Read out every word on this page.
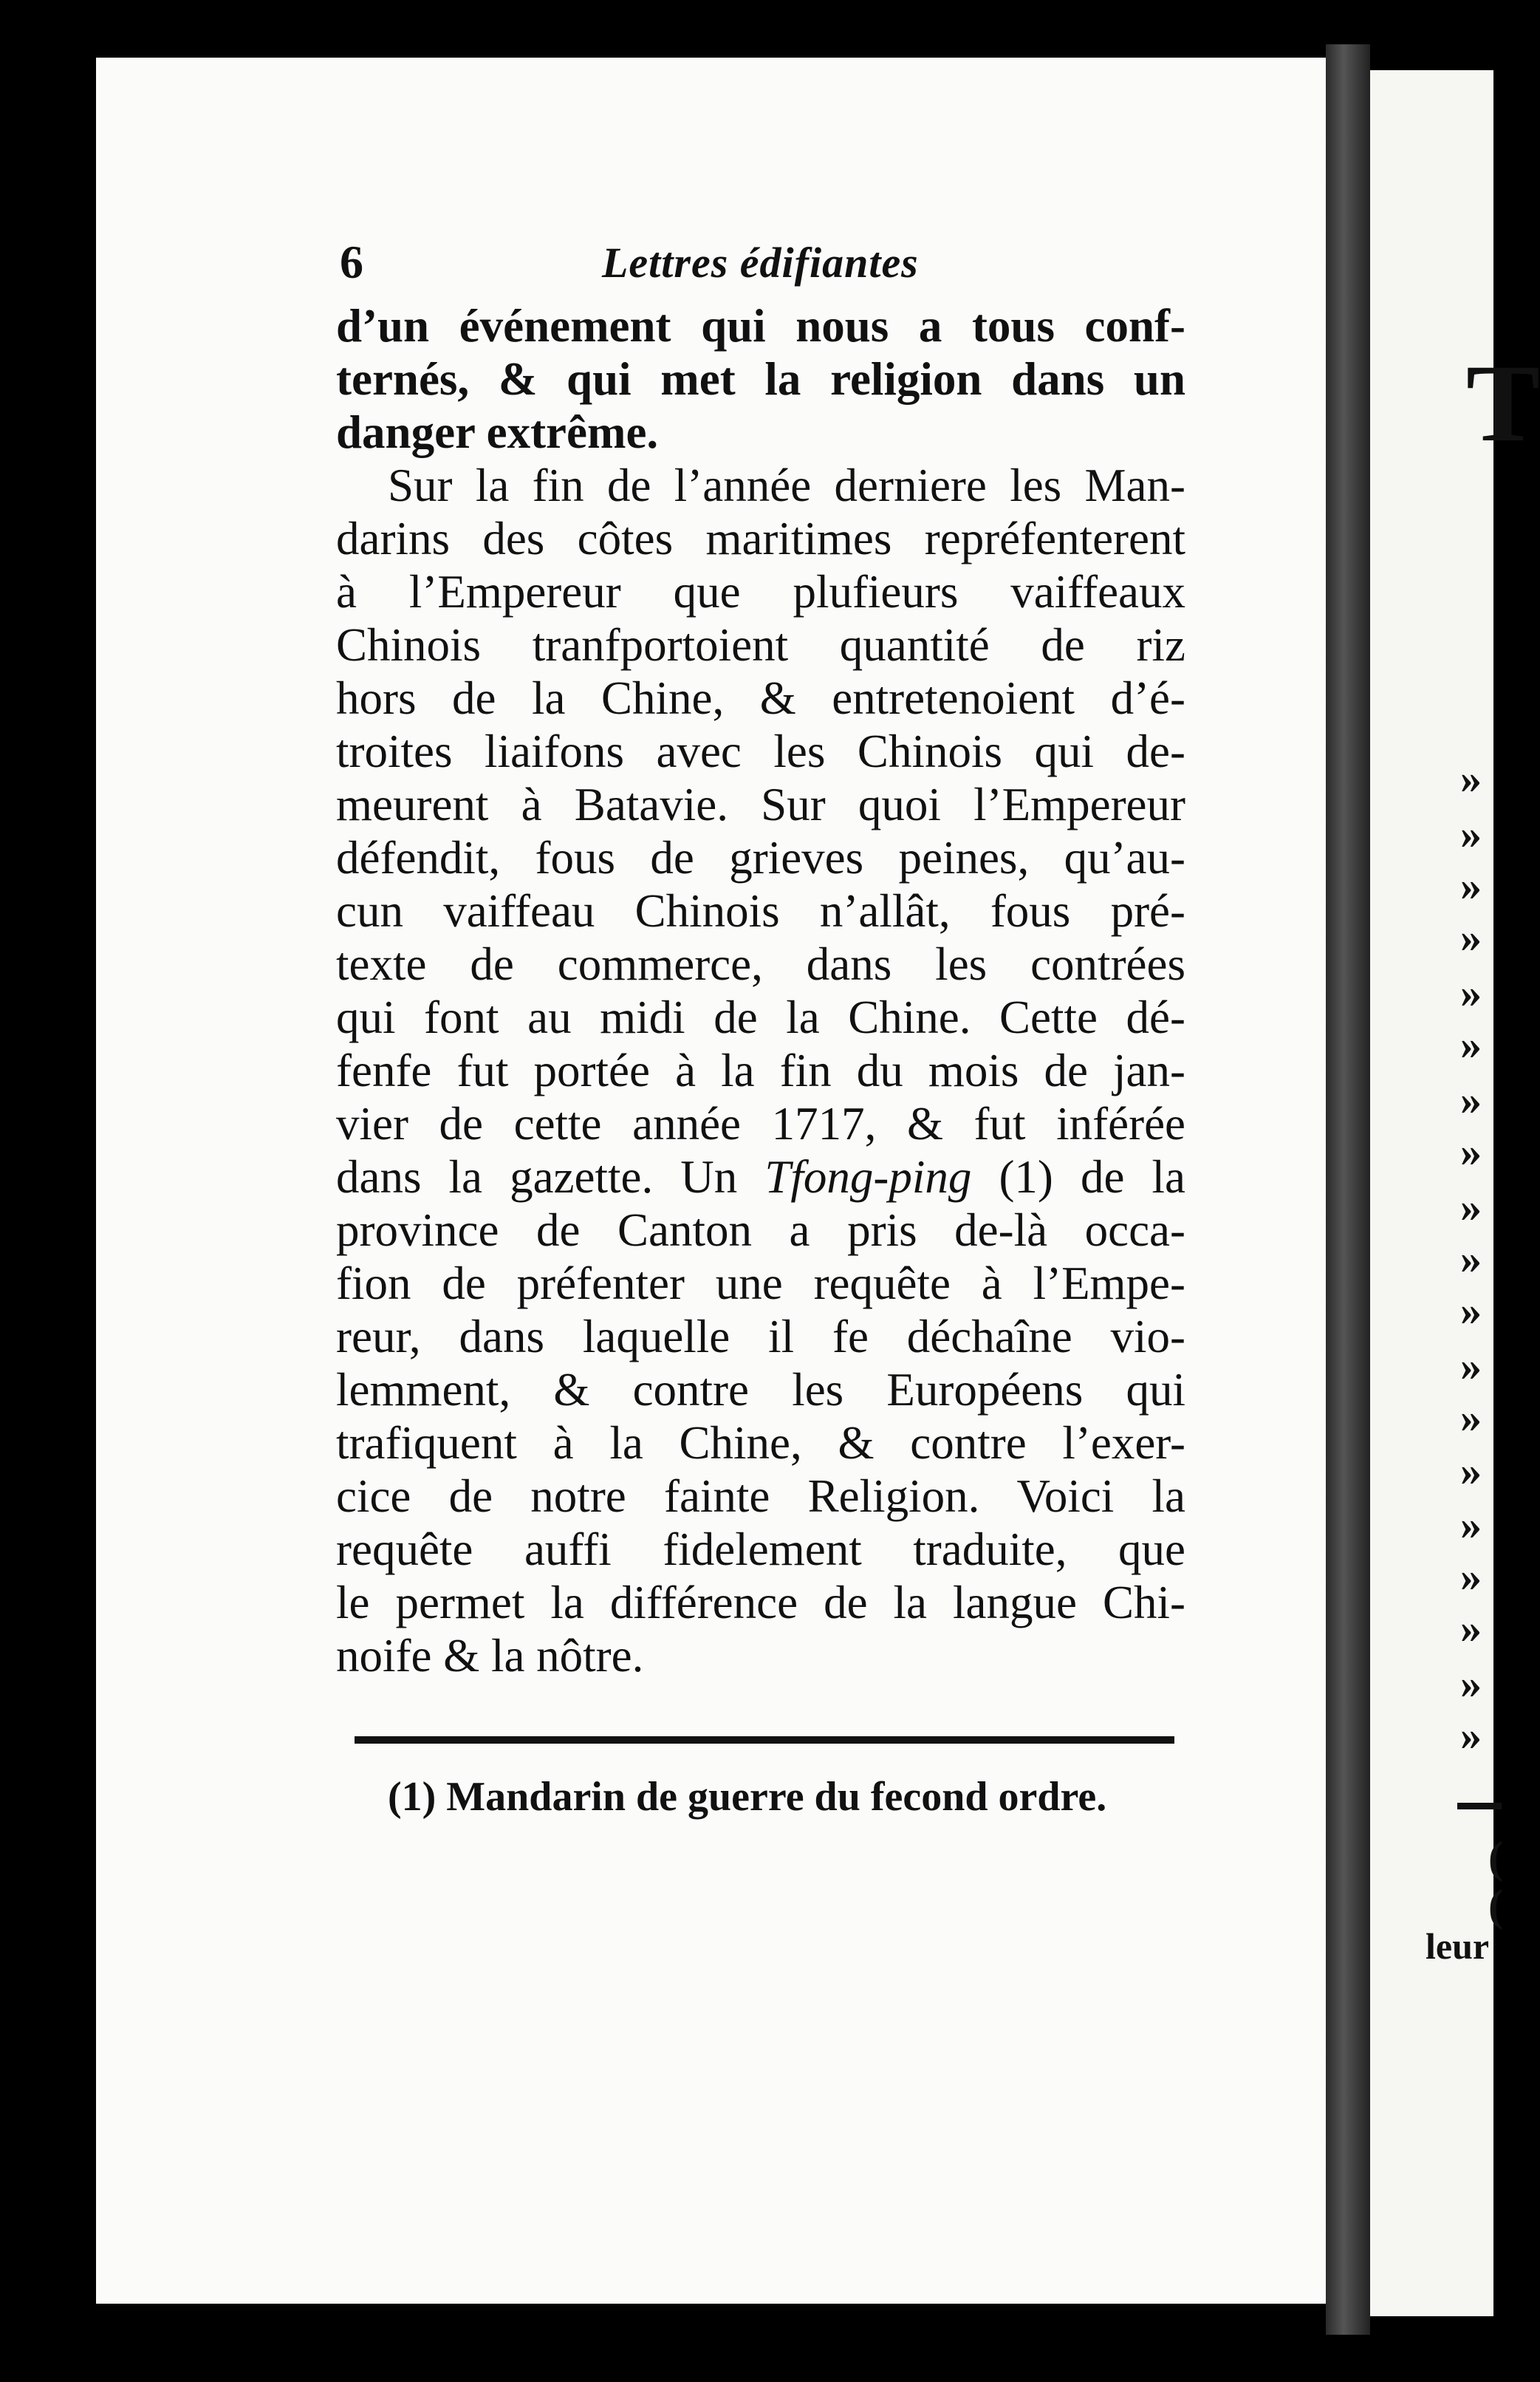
T
»
»
»
»
»
»
»
»
»
»
»
»
»
»
»
»
»
»
»
(
(
leur
6	Lettres édifiantes
d’un événement qui nous a tous conf-
ternés, & qui met la religion dans un
danger extrême.
Sur la fin de l’année derniere les Man-
darins des côtes maritimes repréfenterent
à l’Empereur que plufieurs vaiffeaux
Chinois tranfportoient quantité de riz
hors de la Chine, & entretenoient d’é-
troites liaifons avec les Chinois qui de-
meurent à Batavie. Sur quoi l’Empereur
défendit, fous de grieves peines, qu’au-
cun vaiffeau Chinois n’allât, fous pré-
texte de commerce, dans les contrées
qui font au midi de la Chine. Cette dé-
fenfe fut portée à la fin du mois de jan-
vier de cette année 1717, & fut inférée
dans la gazette. Un Tfong-ping (1) de la
province de Canton a pris de-là occa-
fion de préfenter une requête à l’Empe-
reur, dans laquelle il fe déchaîne vio-
lemment, & contre les Européens qui
trafiquent à la Chine, & contre l’exer-
cice de notre fainte Religion. Voici la
requête auffi fidelement traduite, que
le permet la différence de la langue Chi-
noife & la nôtre.
(1) Mandarin de guerre du fecond ordre.
